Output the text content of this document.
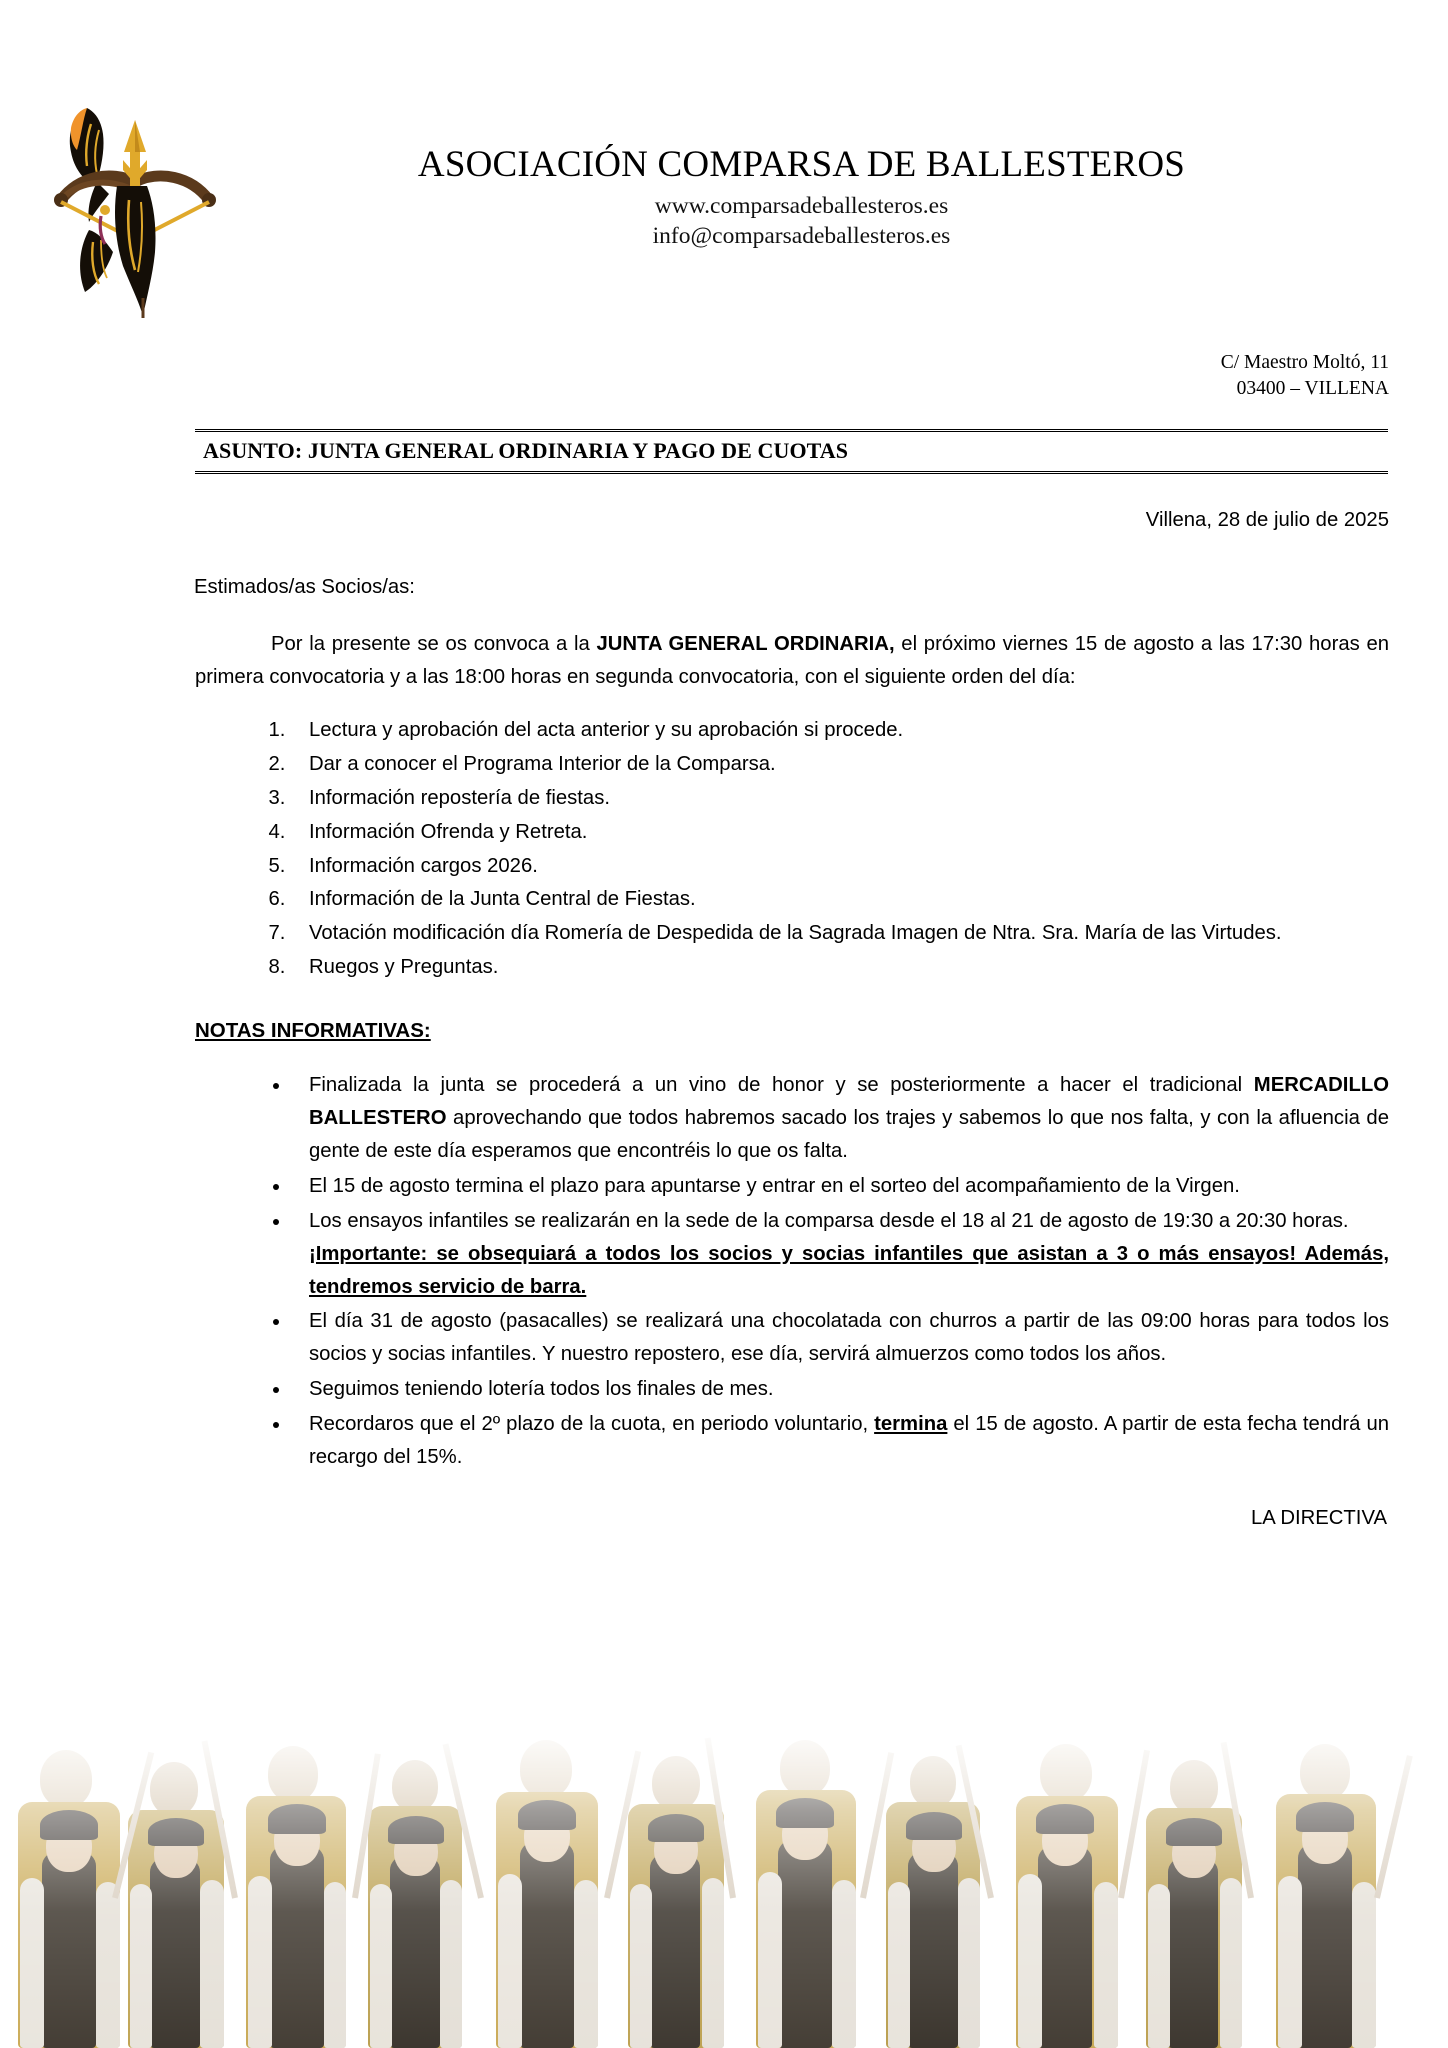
ASOCIACIÓN COMPARSA DE BALLESTEROS
www.comparsadeballesteros.es
info@comparsadeballesteros.es
C/ Maestro Moltó, 11
03400 – VILLENA
ASUNTO: JUNTA GENERAL ORDINARIA Y PAGO DE CUOTAS
Villena, 28 de julio de 2025
Estimados/as Socios/as:

Por la presente se os convoca a la JUNTA GENERAL ORDINARIA, el próximo viernes 15 de agosto a las 17:30 horas en primera convocatoria y a las 18:00 horas en segunda convocatoria, con el siguiente orden del día:

1. Lectura y aprobación del acta anterior y su aprobación si procede.
2. Dar a conocer el Programa Interior de la Comparsa.
3. Información repostería de fiestas.
4. Información Ofrenda y Retreta.
5. Información cargos 2026.
6. Información de la Junta Central de Fiestas.
7. Votación modificación día Romería de Despedida de la Sagrada Imagen de Ntra. Sra. María de las Virtudes.
8. Ruegos y Preguntas.
NOTAS INFORMATIVAS:
• Finalizada la junta se procederá a un vino de honor y se posteriormente a hacer el tradicional MERCADILLO BALLESTERO aprovechando que todos habremos sacado los trajes y sabemos lo que nos falta, y con la afluencia de gente de este día esperamos que encontréis lo que os falta.
• El 15 de agosto termina el plazo para apuntarse y entrar en el sorteo del acompañamiento de la Virgen.
• Los ensayos infantiles se realizarán en la sede de la comparsa desde el 18 al 21 de agosto de 19:30 a 20:30 horas.
¡Importante: se obsequiará a todos los socios y socias infantiles que asistan a 3 o más ensayos! Además, tendremos servicio de barra.
• El día 31 de agosto (pasacalles) se realizará una chocolatada con churros a partir de las 09:00 horas para todos los socios y socias infantiles. Y nuestro repostero, ese día, servirá almuerzos como todos los años.
• Seguimos teniendo lotería todos los finales de mes.
• Recordaros que el 2º plazo de la cuota, en periodo voluntario, termina el 15 de agosto. A partir de esta fecha tendrá un recargo del 15%.
LA DIRECTIVA
